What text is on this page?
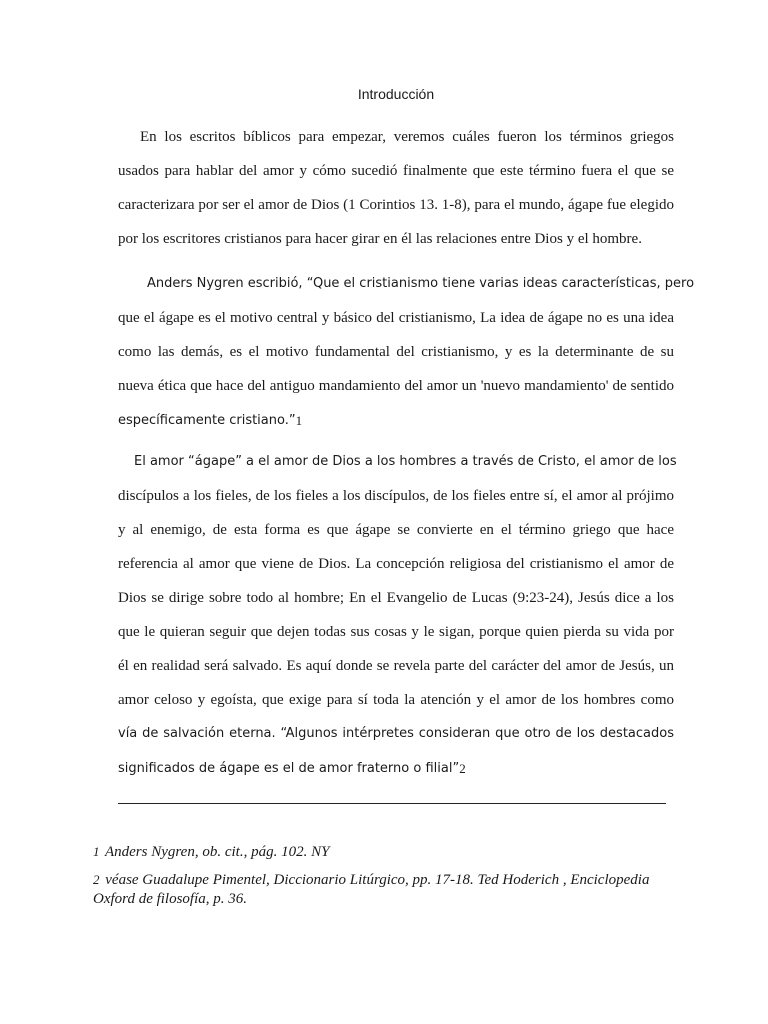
Introducción
En los escritos bíblicos para empezar, veremos cuáles fueron los términos griegos
usados para hablar del amor y cómo sucedió finalmente que este término fuera el que se
caracterizara por ser el amor de Dios (1 Corintios 13. 1-8), para el mundo, ágape fue elegido
por los escritores cristianos para hacer girar en él las relaciones entre Dios y el hombre.
Anders Nygren escribió, “Que el cristianismo tiene varias ideas características, pero
que el ágape es el motivo central y básico del cristianismo, La idea de ágape no es una idea
como las demás, es el motivo fundamental del cristianismo, y es la determinante de su
nueva ética que hace del antiguo mandamiento del amor un 'nuevo mandamiento' de sentido
específicamente cristiano.”1
El amor “ágape” a el amor de Dios a los hombres a través de Cristo, el amor de los
discípulos a los fieles, de los fieles a los discípulos, de los fieles entre sí, el amor al prójimo
y al enemigo, de esta forma es que ágape se convierte en el término griego que hace
referencia al amor que viene de Dios. La concepción religiosa del cristianismo el amor de
Dios se dirige sobre todo al hombre; En el Evangelio de Lucas (9:23-24), Jesús dice a los
que le quieran seguir que dejen todas sus cosas y le sigan, porque quien pierda su vida por
él en realidad será salvado. Es aquí donde se revela parte del carácter del amor de Jesús, un
amor celoso y egoísta, que exige para sí toda la atención y el amor de los hombres como
vía de salvación eterna. “Algunos intérpretes consideran que otro de los destacados
significados de ágape es el de amor fraterno o filial”2
1 Anders Nygren, ob. cit., pág. 102. NY
2 véase Guadalupe Pimentel, Diccionario Litúrgico, pp. 17-18. Ted Hoderich , Enciclopedia Oxford de filosofía, p. 36.
